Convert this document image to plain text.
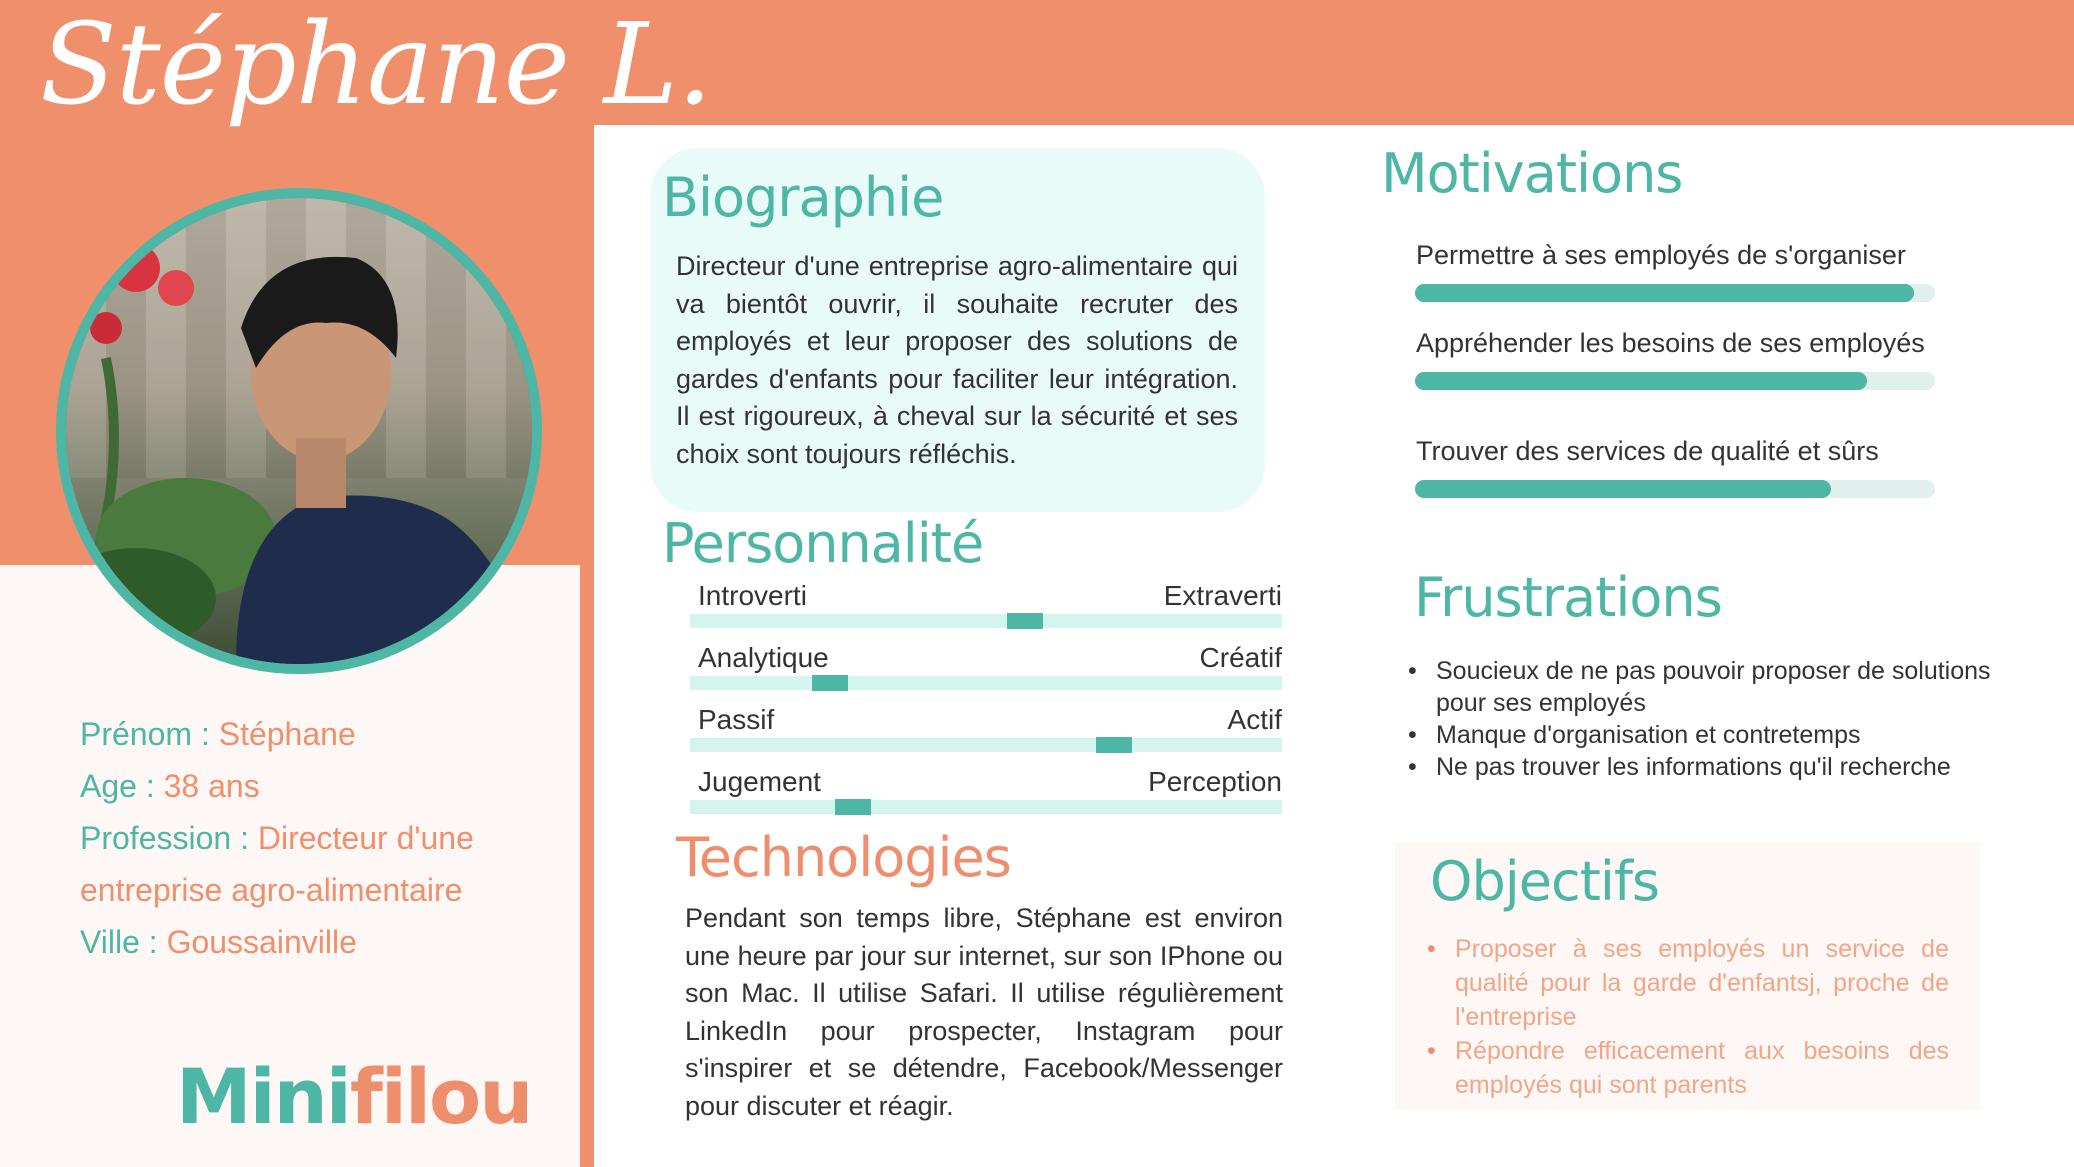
Stéphane L.
Prénom : Stéphane
Age : 38 ans
Profession : Directeur d'une
entreprise agro-alimentaire
Ville : Goussainville
Minifilou
Biographie
Directeur d'une entreprise agro-alimentaire qui va bientôt ouvrir, il souhaite recruter des employés et leur proposer des solutions de gardes d'enfants pour faciliter leur intégration. Il est rigoureux, à cheval sur la sécurité et ses choix sont toujours réfléchis.
Personnalité
Introverti	Extraverti
Analytique	Créatif
Passif	Actif
Jugement	Perception
Technologies
Pendant son temps libre, Stéphane est environ une heure par jour sur internet, sur son IPhone ou son Mac. Il utilise Safari. Il utilise régulièrement LinkedIn pour prospecter, Instagram pour s'inspirer et se détendre, Facebook/Messenger pour discuter et réagir.
Motivations
Permettre à ses employés de s'organiser
Appréhender les besoins de ses employés
Trouver des services de qualité et sûrs
Frustrations
• Soucieux de ne pas pouvoir proposer de solutions pour ses employés
• Manque d'organisation et contretemps
• Ne pas trouver les informations qu'il recherche
Objectifs
• Proposer à ses employés un service de qualité pour la garde d'enfantsj, proche de l'entreprise
• Répondre efficacement aux besoins des employés qui sont parents
